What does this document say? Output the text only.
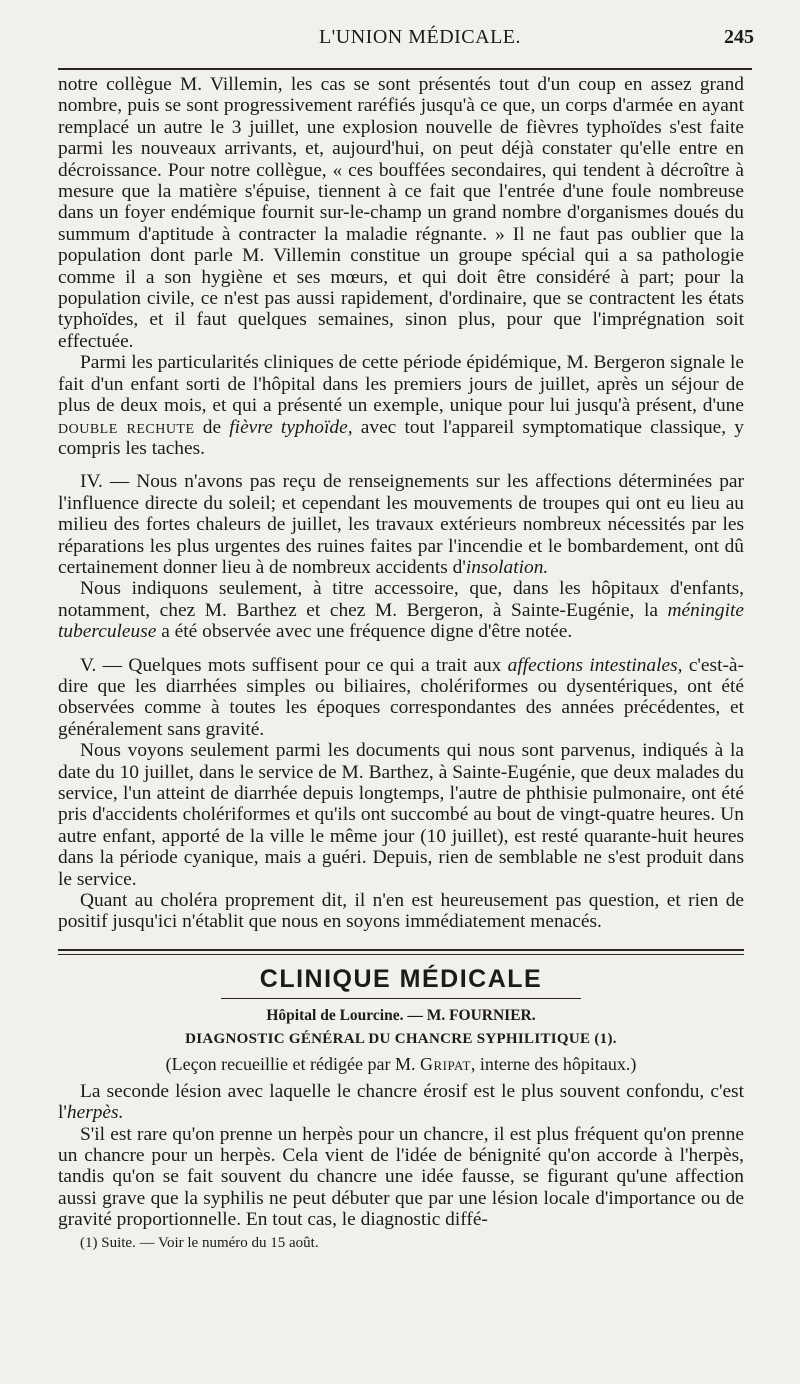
L'UNION MÉDICALE.	245

notre collègue M. Villemin, les cas se sont présentés tout d'un coup en assez grand nombre, puis se sont progressivement raréfiés jusqu'à ce que, un corps d'armée en ayant remplacé un autre le 3 juillet, une explosion nouvelle de fièvres typhoïdes s'est faite parmi les nouveaux arrivants, et, aujourd'hui, on peut déjà constater qu'elle entre en décroissance. Pour notre collègue, « ces bouffées secondaires, qui tendent à décroître à mesure que la matière s'épuise, tiennent à ce fait que l'entrée d'une foule nombreuse dans un foyer endémique fournit sur-le-champ un grand nombre d'organismes doués du summum d'aptitude à contracter la maladie régnante. » Il ne faut pas oublier que la population dont parle M. Villemin constitue un groupe spécial qui a sa pathologie comme il a son hygiène et ses mœurs, et qui doit être considéré à part; pour la population civile, ce n'est pas aussi rapidement, d'ordinaire, que se contractent les états typhoïdes, et il faut quelques semaines, sinon plus, pour que l'imprégnation soit effectuée.

Parmi les particularités cliniques de cette période épidémique, M. Bergeron signale le fait d'un enfant sorti de l'hôpital dans les premiers jours de juillet, après un séjour de plus de deux mois, et qui a présenté un exemple, unique pour lui jusqu'à présent, d'une double rechute de fièvre typhoïde, avec tout l'appareil symptomatique classique, y compris les taches.

IV. — Nous n'avons pas reçu de renseignements sur les affections déterminées par l'influence directe du soleil; et cependant les mouvements de troupes qui ont eu lieu au milieu des fortes chaleurs de juillet, les travaux extérieurs nombreux nécessités par les réparations les plus urgentes des ruines faites par l'incendie et le bombardement, ont dû certainement donner lieu à de nombreux accidents d'insolation.

Nous indiquons seulement, à titre accessoire, que, dans les hôpitaux d'enfants, notamment, chez M. Barthez et chez M. Bergeron, à Sainte-Eugénie, la méningite tuberculeuse a été observée avec une fréquence digne d'être notée.

V. — Quelques mots suffisent pour ce qui a trait aux affections intestinales, c'est-à-dire que les diarrhées simples ou biliaires, cholériformes ou dysentériques, ont été observées comme à toutes les époques correspondantes des années précédentes, et généralement sans gravité.

Nous voyons seulement parmi les documents qui nous sont parvenus, indiqués à la date du 10 juillet, dans le service de M. Barthez, à Sainte-Eugénie, que deux malades du service, l'un atteint de diarrhée depuis longtemps, l'autre de phthisie pulmonaire, ont été pris d'accidents cholériformes et qu'ils ont succombé au bout de vingt-quatre heures. Un autre enfant, apporté de la ville le même jour (10 juillet), est resté quarante-huit heures dans la période cyanique, mais a guéri. Depuis, rien de semblable ne s'est produit dans le service.

Quant au choléra proprement dit, il n'en est heureusement pas question, et rien de positif jusqu'ici n'établit que nous en soyons immédiatement menacés.

CLINIQUE MÉDICALE
Hôpital de Lourcine. — M. FOURNIER.
DIAGNOSTIC GÉNÉRAL DU CHANCRE SYPHILITIQUE (1).
(Leçon recueillie et rédigée par M. Gripat, interne des hôpitaux.)

La seconde lésion avec laquelle le chancre érosif est le plus souvent confondu, c'est l'herpès.

S'il est rare qu'on prenne un herpès pour un chancre, il est plus fréquent qu'on prenne un chancre pour un herpès. Cela vient de l'idée de bénignité qu'on accorde à l'herpès, tandis qu'on se fait souvent du chancre une idée fausse, se figurant qu'une affection aussi grave que la syphilis ne peut débuter que par une lésion locale d'importance ou de gravité proportionnelle. En tout cas, le diagnostic diffé-

(1) Suite. — Voir le numéro du 15 août.
